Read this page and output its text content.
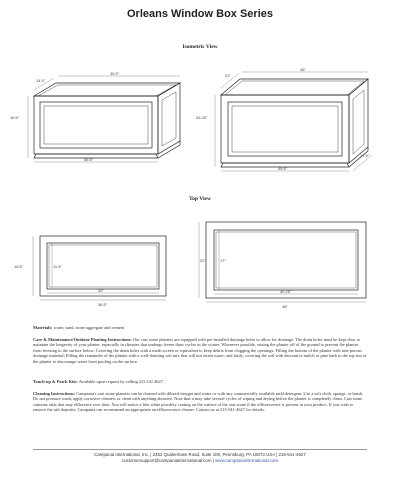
Orleans Window Box Series
Isometric View
Top View
14.5"
36.5"
16.5"
36.5"
22"
48"
26.25"
45.5"
17.5"
16.5"	11.5"
32"
36.5"
22"	17"
40.25"
48"

Materials: water, sand, stone aggregate and cement

Care & Maintenance/Outdoor Planting Instructions: Our cast stone planters are equipped with pre-installed drainage holes to allow for drainage. The drain holes must be kept clear to maintain the longevity of your planter, especially in climates that undergo freeze thaw cycles in the winter. Whenever possible, raising the planter off of the ground to prevent the planter from freezing to the surface below; Covering the drain holes with a mesh screen or equivalent to keep debris from clogging the openings; Filling the bottom of the planter with non-porous drainage material; Filling the remainder of the planter with a well-draining soil mix that will not retain water; and lastly, covering the soil with decorative mulch or pine bark to the top rim of the planter to discourage water from pooling on the surface.

Touch-up & Patch Kits: Available upon request by calling 215.541.4627.

Cleaning Instructions: Campania's cast stone planters can be cleaned with diluted vinegar and water or with any commercially available mild detergent. Use a soft cloth, sponge, or brush. Do not pressure wash, apply corrosive cleaners or clean with anything abrasive. Note that it may take several cycles of wiping and drying before the planter is completely clean. Cast stone contains salts that may efflorence over time. You will notice a fine white powdery coating on the surface of the cast stone if the efflorescence is present in your product. If you wish to remove the salt deposits, Campania can recommend an appropriate an efflorescence cleaner. Contact us at 215-541-4627 for details.

Campania International, Inc. | 2452 Quakertown Road, Suite 100, Pennsburg, PA 18073 USA | 215-541-4627
customersupport@campaniainternational.com | www.campaniainternational.com
